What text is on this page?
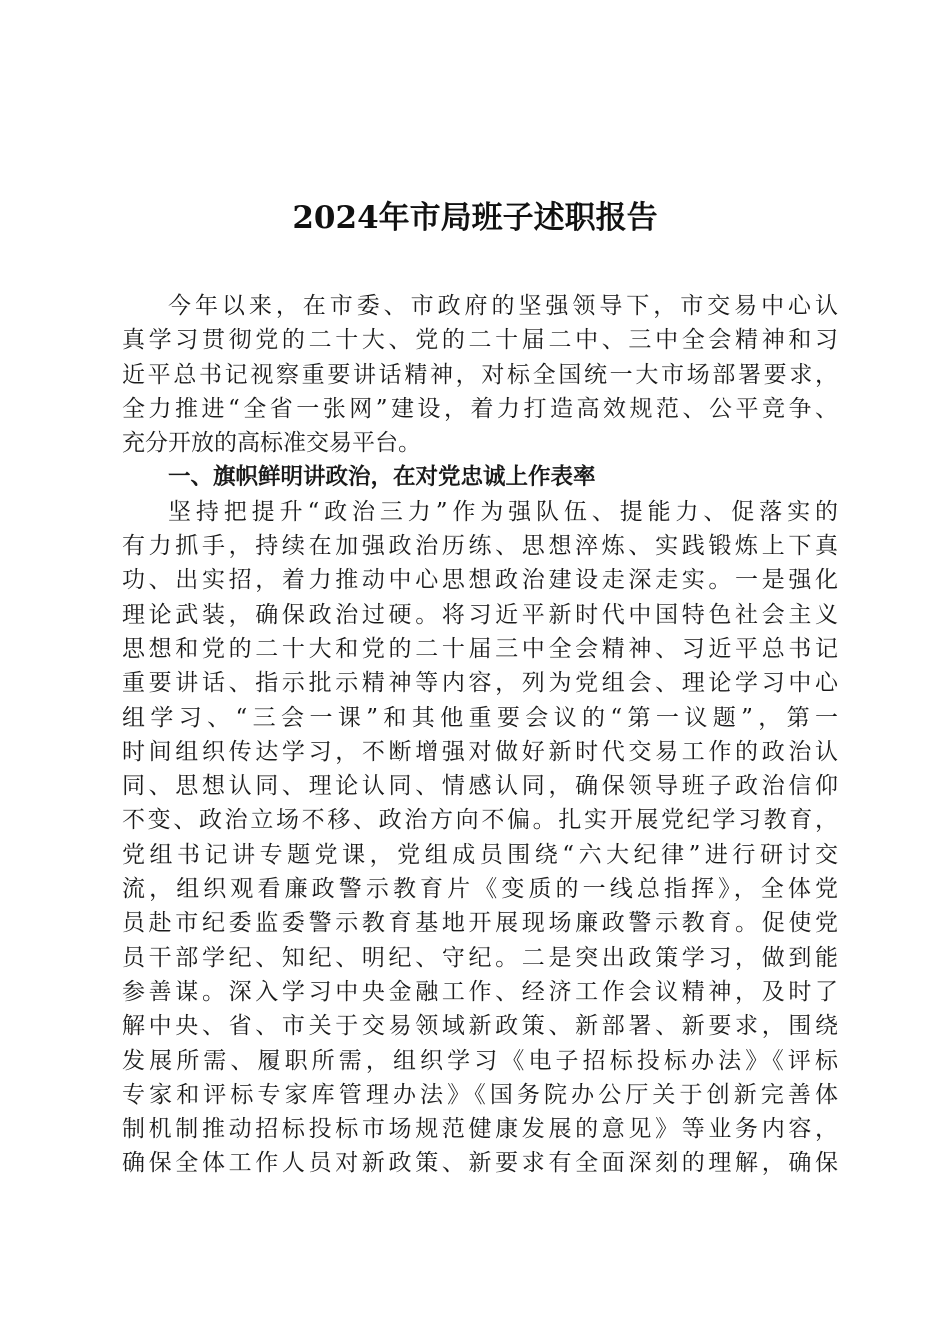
2024年市局班子述职报告
今年以来，在市委、市政府的坚强领导下，市交易中心认
真学习贯彻党的二十大、党的二十届二中、三中全会精神和习
近平总书记视察重要讲话精神，对标全国统一大市场部署要求，
全力推进“全省一张网”建设，着力打造高效规范、公平竞争、
充分开放的高标准交易平台。
一、旗帜鲜明讲政治，在对党忠诚上作表率
坚持把提升“政治三力”作为强队伍、提能力、促落实的
有力抓手，持续在加强政治历练、思想淬炼、实践锻炼上下真
功、出实招，着力推动中心思想政治建设走深走实。一是强化
理论武装，确保政治过硬。将习近平新时代中国特色社会主义
思想和党的二十大和党的二十届三中全会精神、习近平总书记
重要讲话、指示批示精神等内容，列为党组会、理论学习中心
组学习、“三会一课”和其他重要会议的“第一议题”，第一
时间组织传达学习，不断增强对做好新时代交易工作的政治认
同、思想认同、理论认同、情感认同，确保领导班子政治信仰
不变、政治立场不移、政治方向不偏。扎实开展党纪学习教育，
党组书记讲专题党课，党组成员围绕“六大纪律”进行研讨交
流，组织观看廉政警示教育片《变质的一线总指挥》，全体党
员赴市纪委监委警示教育基地开展现场廉政警示教育。促使党
员干部学纪、知纪、明纪、守纪。二是突出政策学习，做到能
参善谋。深入学习中央金融工作、经济工作会议精神，及时了
解中央、省、市关于交易领域新政策、新部署、新要求，围绕
发展所需、履职所需，组织学习《电子招标投标办法》《评标
专家和评标专家库管理办法》《国务院办公厅关于创新完善体
制机制推动招标投标市场规范健康发展的意见》等业务内容，
确保全体工作人员对新政策、新要求有全面深刻的理解，确保
